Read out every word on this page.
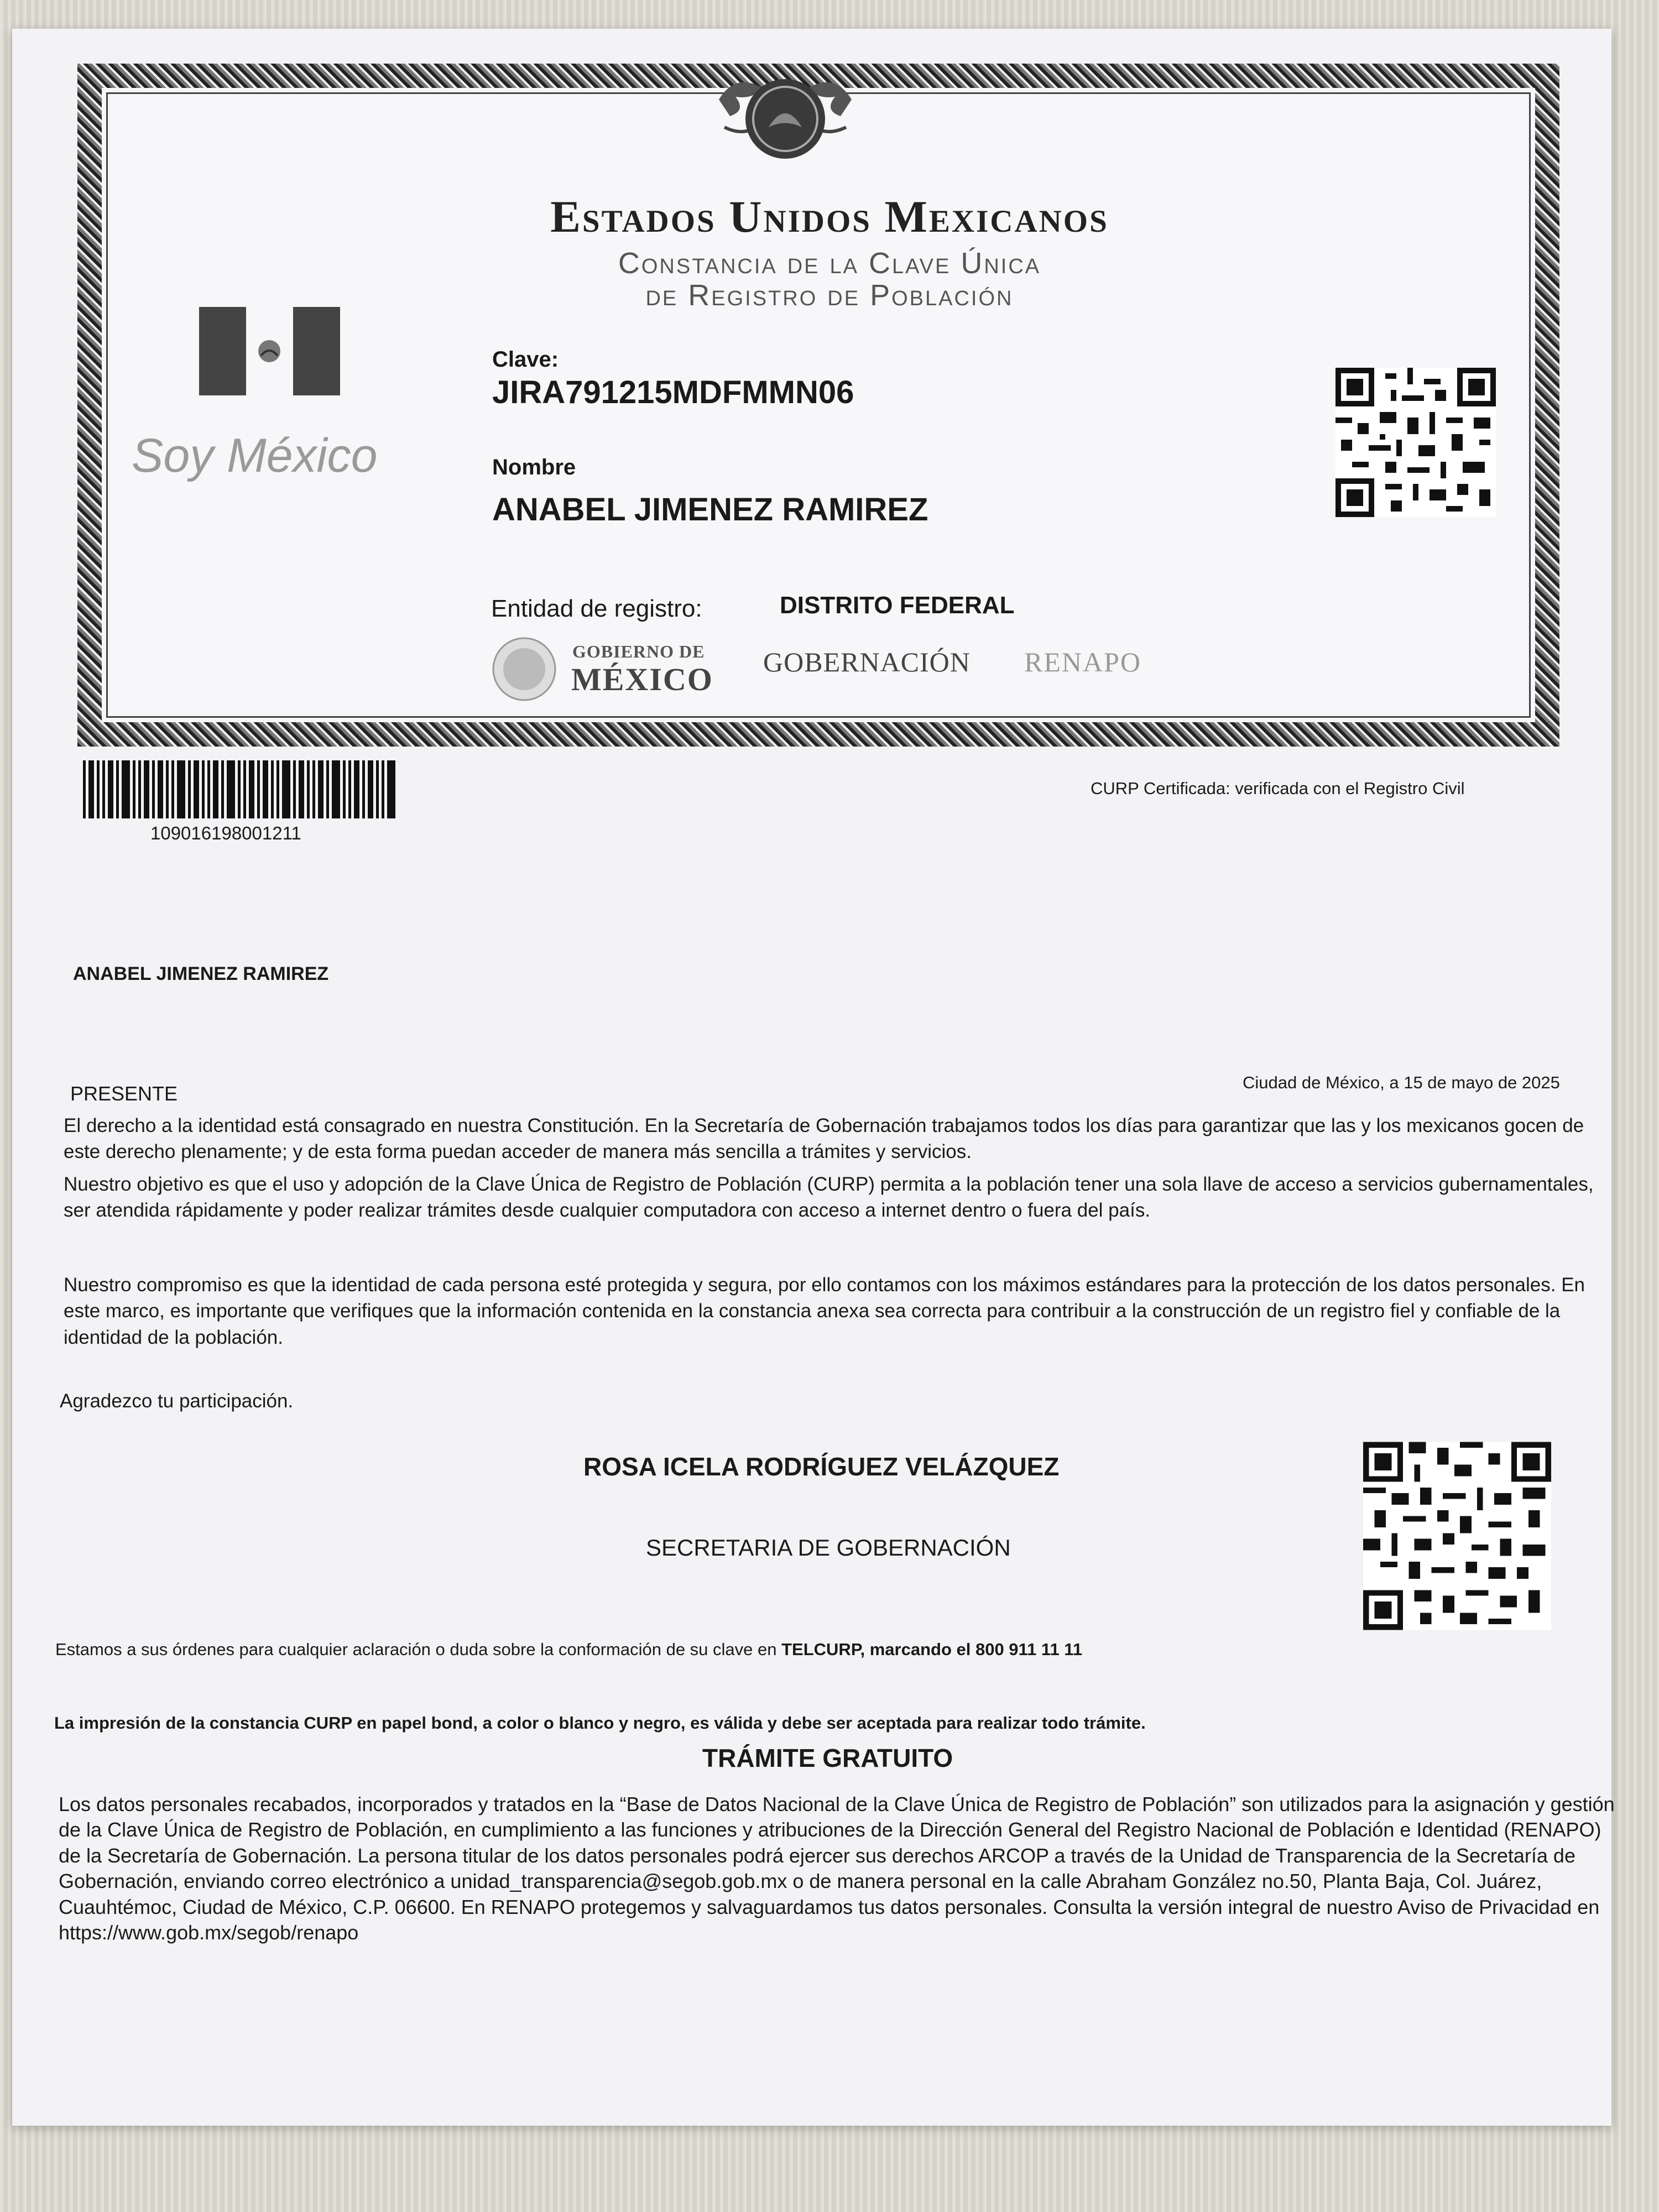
Estados Unidos Mexicanos
Constancia de la Clave Única
de Registro de Población
Soy México
Clave:
JIRA791215MDFMMN06
Nombre
ANABEL JIMENEZ RAMIREZ
Entidad de registro:	DISTRITO FEDERAL
GOBIERNO DE
MÉXICO GOBERNACIÓN RENAPO
109016198001211
CURP Certificada: verificada con el Registro Civil
ANABEL JIMENEZ RAMIREZ
Ciudad de México, a 15 de mayo de 2025
PRESENTE
El derecho a la identidad está consagrado en nuestra Constitución. En la Secretaría de Gobernación trabajamos todos los días para garantizar que las y los mexicanos gocen de este derecho plenamente; y de esta forma puedan acceder de manera más sencilla a trámites y servicios.
Nuestro objetivo es que el uso y adopción de la Clave Única de Registro de Población (CURP) permita a la población tener una sola llave de acceso a servicios gubernamentales, ser atendida rápidamente y poder realizar trámites desde cualquier computadora con acceso a internet dentro o fuera del país.
Nuestro compromiso es que la identidad de cada persona esté protegida y segura, por ello contamos con los máximos estándares para la protección de los datos personales. En este marco, es importante que verifiques que la información contenida en la constancia anexa sea correcta para contribuir a la construcción de un registro fiel y confiable de la identidad de la población.
Agradezco tu participación.
ROSA ICELA RODRÍGUEZ VELÁZQUEZ
SECRETARIA DE GOBERNACIÓN
Estamos a sus órdenes para cualquier aclaración o duda sobre la conformación de su clave en TELCURP, marcando el 800 911 11 11
La impresión de la constancia CURP en papel bond, a color o blanco y negro, es válida y debe ser aceptada para realizar todo trámite.
TRÁMITE GRATUITO
Los datos personales recabados, incorporados y tratados en la “Base de Datos Nacional de la Clave Única de Registro de Población” son utilizados para la asignación y gestión de la Clave Única de Registro de Población, en cumplimiento a las funciones y atribuciones de la Dirección General del Registro Nacional de Población e Identidad (RENAPO) de la Secretaría de Gobernación. La persona titular de los datos personales podrá ejercer sus derechos ARCOP a través de la Unidad de Transparencia de la Secretaría de Gobernación, enviando correo electrónico a unidad_transparencia@segob.gob.mx o de manera personal en la calle Abraham González no.50, Planta Baja, Col. Juárez, Cuauhtémoc, Ciudad de México, C.P. 06600. En RENAPO protegemos y salvaguardamos tus datos personales. Consulta la versión integral de nuestro Aviso de Privacidad en https://www.gob.mx/segob/renapo
